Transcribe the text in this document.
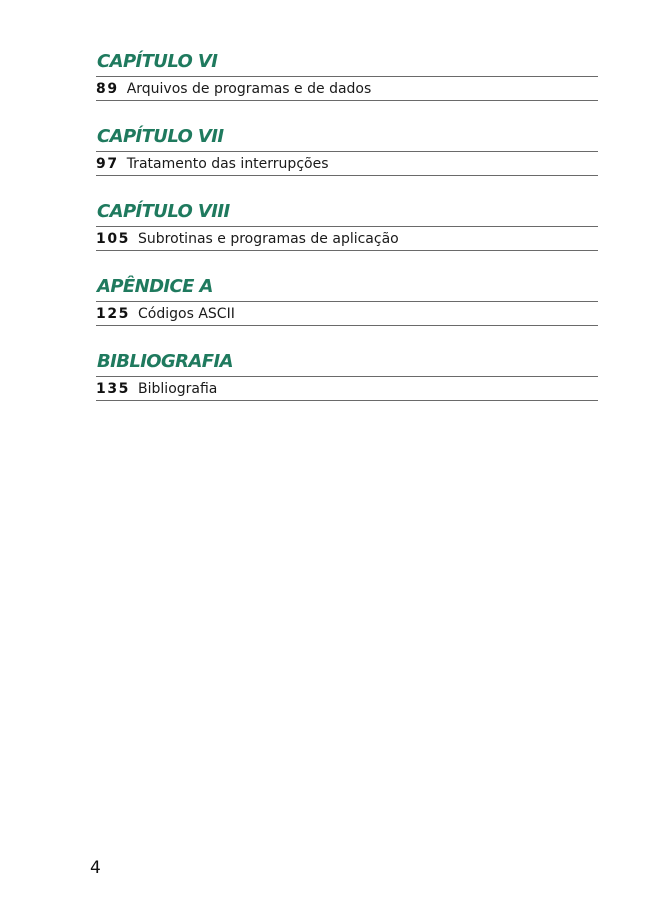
CAPÍTULO VI
89 Arquivos de programas e de dados
CAPÍTULO VII
97 Tratamento das interrupções
CAPÍTULO VIII
105 Subrotinas e programas de aplicação
APÊNDICE A
125 Códigos ASCII
BIBLIOGRAFIA
135 Bibliografia
4
